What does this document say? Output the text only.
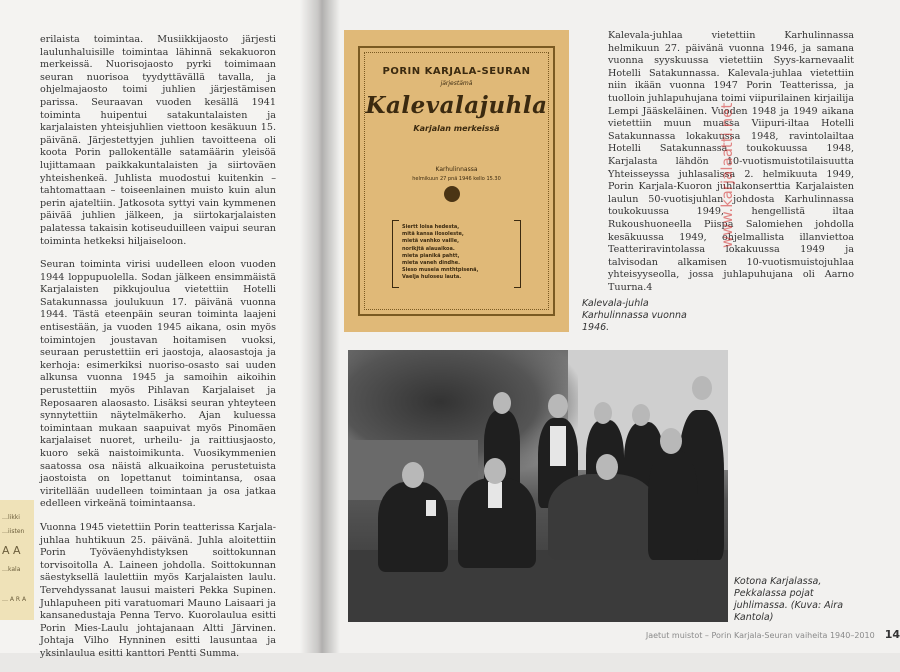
…likki
…iisten
A A
…kala
… A R A

erilaista toimintaa. Musiikkijaosto järjesti laulunhaluisille toimintaa lähinnä sekakuoron merkeissä. Nuorisojaosto pyrki toimimaan seuran nuorisoa tyydyttävällä tavalla, ja ohjelmajaosto toimi juhlien järjestämisen parissa. Seuraavan vuoden kesällä 1941 toiminta huipentui satakuntalaisten ja karjalaisten yhteisjuhlien viettoon kesäkuun 15. päivänä. Järjestettyjen juhlien tavoitteena oli koota Porin pallokentälle satamäärin yleisöä lujittamaan paikkakuntalaisten ja siirtoväen yhteishenkeä. Juhlista muodostui kuitenkin – tahtomattaan – toiseenlainen muisto kuin alun perin ajateltiin. Jatkosota syttyi vain kymmenen päivää juhlien jälkeen, ja siirtokarjalaisten palatessa takaisin kotiseuduilleen vaipui seuran toiminta hetkeksi hiljaiseloon.

Seuran toiminta virisi uudelleen eloon vuoden 1944 loppupuolella. Sodan jälkeen ensimmäistä Karjalaisten pikkujoulua vietettiin Hotelli Satakunnassa joulukuun 17. päivänä vuonna 1944. Tästä eteenpäin seuran toiminta laajeni entisestään, ja vuoden 1945 aikana, osin myös toimintojen joustavan hoitamisen vuoksi, seuraan perustettiin eri jaostoja, alaosastoja ja kerhoja: esimerkiksi nuoriso-osasto sai uuden alkunsa vuonna 1945 ja samoihin aikoihin perustettiin myös Pihlavan Karjalaiset ja Reposaaren alaosasto. Lisäksi seuran yhteyteen synnytettiin näytelmäkerho. Ajan kuluessa toimintaan mukaan saapuivat myös Pinomäen karjalaiset nuoret, urheilu- ja raittiusjaosto, kuoro sekä naistoimikunta. Vuosikymmenien saatossa osa näistä alkuaikoina perustetuista jaostoista on lopettanut toimintansa, osaa viritellään uudelleen toimintaan ja osa jatkaa edelleen virkeänä toimintaansa.

Vuonna 1945 vietettiin Porin teatterissa Karjala-juhlaa huhtikuun 25. päivänä. Juhla aloitettiin Porin Työväenyhdistyksen soittokunnan torvisoitolla A. Laineen johdolla. Soittokunnan säestyksellä laulettiin myös Karjalaisten laulu. Tervehdyssanat lausui maisteri Pekka Supinen. Juhlapuheen piti varatuomari Mauno Laisaari ja kansanedustaja Penna Tervo. Kuorolaulua esitti Porin Mies-Laulu johtajanaan Altti Järvinen. Johtaja Vilho Hynninen esitti lausuntaa ja yksinlaulua esitti kanttori Pentti Summa.

PORIN KARJALA-SEURAN
järjestämä
Kalevalajuhla
Karjalan merkeissä
Karhulinnassa
helmikuun 27 pnä 1946 kello 15.30
Siertt loisa hedesta,
mitä kansa ilosoleste,
mietä vanhko vaille,
norikjtä alauaikoa.
mieta pianikä pahtt,
mieta vaneh dindhe.
Sieso museia mnthtpisenä,
Vaelja huloseu lauta.
Kalevala-juhla Karhulinnassa vuonna 1946.

Kalevala-juhlaa vietettiin Karhulinnassa helmikuun 27. päivänä vuonna 1946, ja samana vuonna syyskuussa vietettiin Syys-karnevaalit Hotelli Satakunnassa. Kalevala-juhlaa vietettiin niin ikään vuonna 1947 Porin Teatterissa, ja tuolloin juhlapuhujana toimi viipurilainen kirjailija Lempi Jääskeläinen. Vuoden 1948 ja 1949 aikana vietettiin muun muassa Viipuri-iltaa Hotelli Satakunnassa lokakuussa 1948, ravintolailtaa Hotelli Satakunnassa toukokuussa 1948, Karjalasta lähdön 10-vuotismuistotilaisuutta Yhteisseyssa juhlasalissa 2. helmikuuta 1949, Porin Karjala-Kuoron juhlakonserttia Karjalaisten laulun 50-vuotisjuhlan johdosta Karhulinnassa toukokuussa 1949, hengellistä iltaa Rukoushuoneella Piispa Salomiehen johdolla kesäkuussa 1949, ohjelmallista illanviettoa Teatteriravintolassa lokakuussa 1949 ja talvisodan alkamisen 10-vuotismuistojuhlaa yhteisyyseolla, jossa juhlapuhujana oli Aarno Tuurna.4

Kotona Karjalassa, Pekkalassa pojat juhlimassa. (Kuva: Aira Kantola)
www.karjalaatti.net
Jaetut muistot – Porin Karjala-Seuran vaiheita 1940–2010 14
